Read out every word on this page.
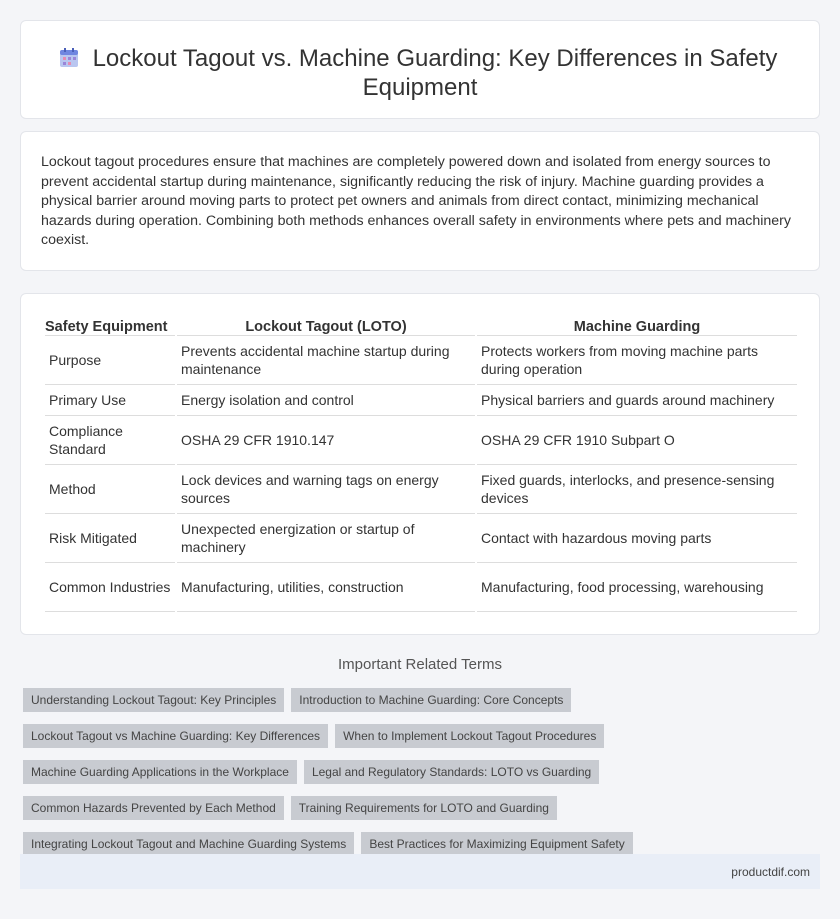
Lockout Tagout vs. Machine Guarding: Key Differences in Safety
Equipment

Lockout tagout procedures ensure that machines are completely powered down and isolated from energy sources to prevent accidental startup during maintenance, significantly reducing the risk of injury. Machine guarding provides a physical barrier around moving parts to protect pet owners and animals from direct contact, minimizing mechanical hazards during operation. Combining both methods enhances overall safety in environments where pets and machinery coexist.

Safety Equipment	Lockout Tagout (LOTO)	Machine Guarding
Purpose	Prevents accidental machine startup during maintenance	Protects workers from moving machine parts during operation
Primary Use	Energy isolation and control	Physical barriers and guards around machinery
Compliance Standard	OSHA 29 CFR 1910.147	OSHA 29 CFR 1910 Subpart O
Method	Lock devices and warning tags on energy sources	Fixed guards, interlocks, and presence-sensing devices
Risk Mitigated	Unexpected energization or startup of machinery	Contact with hazardous moving parts
Common Industries	Manufacturing, utilities, construction	Manufacturing, food processing, warehousing
Important Related Terms
Understanding Lockout Tagout: Key Principles	Introduction to Machine Guarding: Core Concepts
Lockout Tagout vs Machine Guarding: Key Differences	When to Implement Lockout Tagout Procedures
Machine Guarding Applications in the Workplace	Legal and Regulatory Standards: LOTO vs Guarding
Common Hazards Prevented by Each Method	Training Requirements for LOTO and Guarding
Integrating Lockout Tagout and Machine Guarding Systems	Best Practices for Maximizing Equipment Safety
productdif.com
